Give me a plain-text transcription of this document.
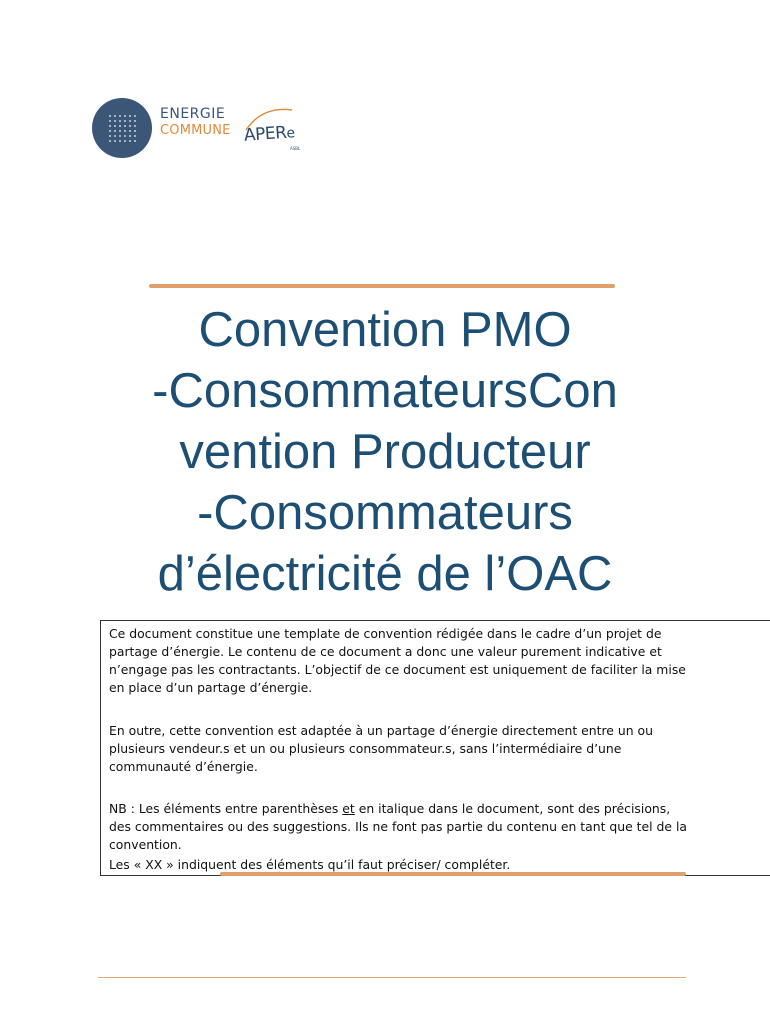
ENERGIE
COMMUNE APERe
ASBL
Convention PMO
-ConsommateursCon
vention Producteur
-Consommateurs
d’électricité de l’OAC

Ce document constitue une template de convention rédigée dans le cadre d’un projet de

partage d’énergie. Le contenu de ce document a donc une valeur purement indicative et

n’engage pas les contractants. L’objectif de ce document est uniquement de faciliter la mise

en place d’un partage d’énergie.

En outre, cette convention est adaptée à un partage d’énergie directement entre un ou

plusieurs vendeur.s et un ou plusieurs consommateur.s, sans l’intermédiaire d’une

communauté d’énergie.

NB : Les éléments entre parenthèses et en italique dans le document, sont des précisions,

des commentaires ou des suggestions. Ils ne font pas partie du contenu en tant que tel de la

convention.

Les « XX » indiquent des éléments qu’il faut préciser/ compléter.
